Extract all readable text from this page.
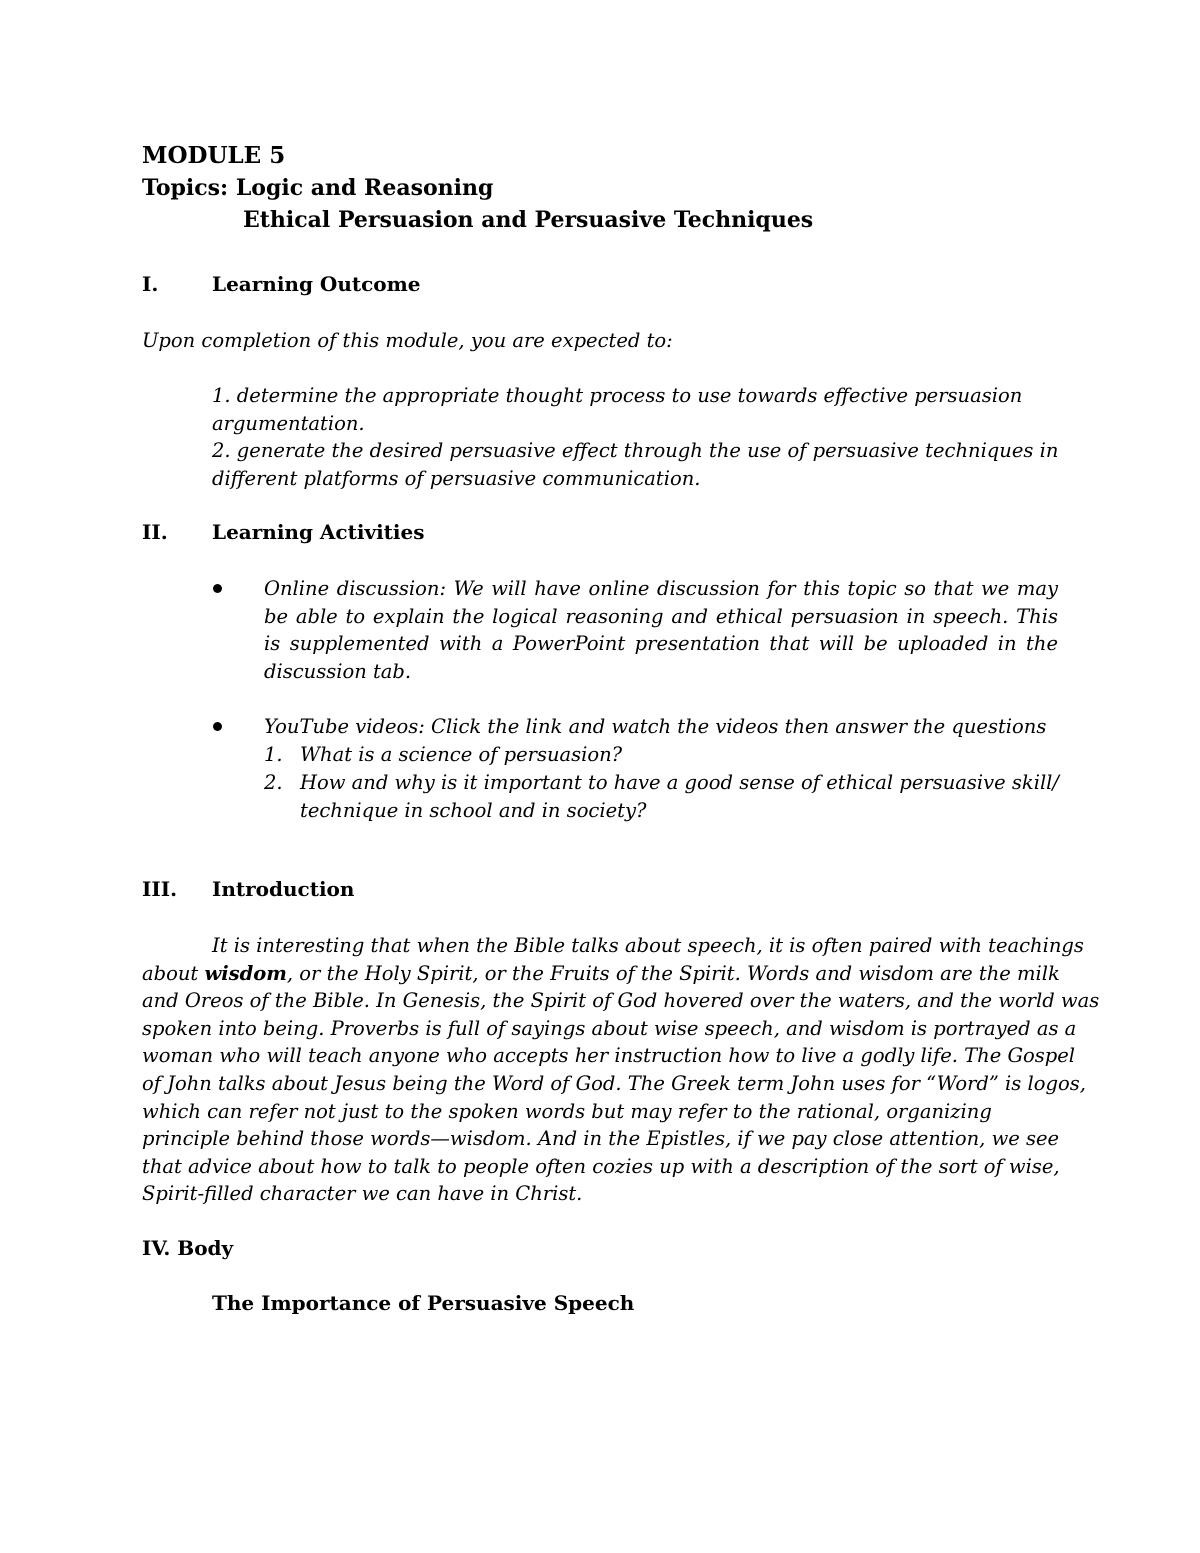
MODULE 5
Topics: Logic and Reasoning
Ethical Persuasion and Persuasive Techniques
I.	Learning Outcome
Upon completion of this module, you are expected to:
1. determine the appropriate thought process to use towards effective persuasion
argumentation.
2. generate the desired persuasive effect through the use of persuasive techniques in
different platforms of persuasive communication.
II. Learning Activities
Online discussion: We will have online discussion for this topic so that we may be able to explain the logical reasoning and ethical persuasion in speech. This is supplemented with a PowerPoint presentation that will be uploaded in the discussion tab.
YouTube videos: Click the link and watch the videos then answer the questions
1. What is a science of persuasion?
2. How and why is it important to have a good sense of ethical persuasive skill/
technique in school and in society?
III. Introduction
It is interesting that when the Bible talks about speech, it is often paired with teachings
about wisdom, or the Holy Spirit, or the Fruits of the Spirit. Words and wisdom are the milk
and Oreos of the Bible. In Genesis, the Spirit of God hovered over the waters, and the world was
spoken into being. Proverbs is full of sayings about wise speech, and wisdom is portrayed as a
woman who will teach anyone who accepts her instruction how to live a godly life. The Gospel
of John talks about Jesus being the Word of God. The Greek term John uses for “Word” is logos,
which can refer not just to the spoken words but may refer to the rational, organizing
principle behind those words—wisdom. And in the Epistles, if we pay close attention, we see
that advice about how to talk to people often cozies up with a description of the sort of wise,
Spirit-filled character we can have in Christ.
IV. Body
The Importance of Persuasive Speech
